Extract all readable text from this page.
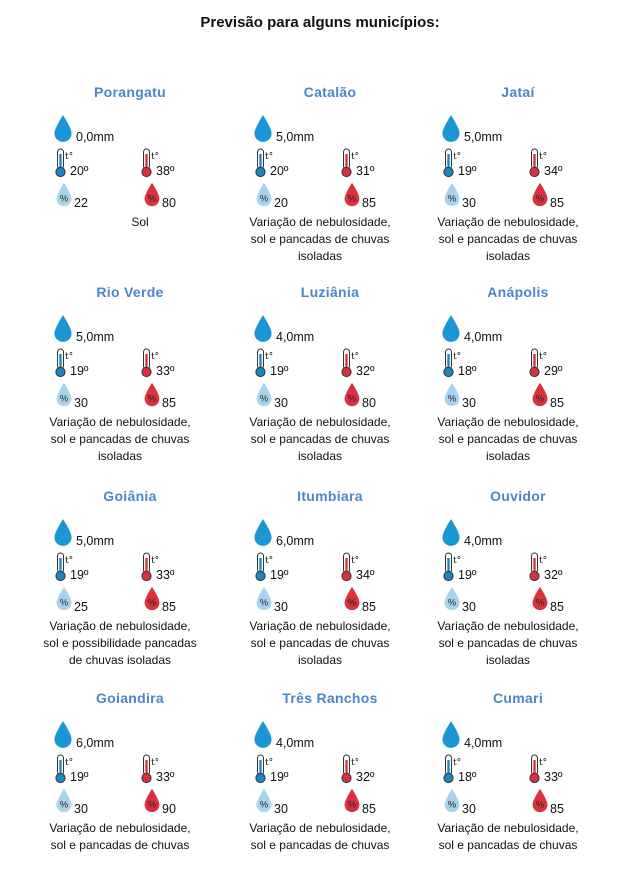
Previsão para alguns municípios:
Porangatu
0,0mm
t°
20º
t°
38º
% 22	% 80
Sol
Catalão
5,0mm
t°
20º
t°
31º
% 20	% 85
Variação de nebulosidade,
sol e pancadas de chuvas
isoladas
Jataí
5,0mm
t°
19º
t°
34º
% 30	% 85
Variação de nebulosidade,
sol e pancadas de chuvas
isoladas
Rio Verde
5,0mm
t°
19º
t°
33º
% 30	% 85
Variação de nebulosidade,
sol e pancadas de chuvas
isoladas
Luziânia
4,0mm
t°
19º
t°
32º
% 30	% 80
Variação de nebulosidade,
sol e pancadas de chuvas
isoladas
Anápolis
4,0mm
t°
18º
t°
29º
% 30	% 85
Variação de nebulosidade,
sol e pancadas de chuvas
isoladas
Goiânia
5,0mm
t°
19º
t°
33º
% 25	% 85
Variação de nebulosidade,
sol e possibilidade pancadas
de chuvas isoladas
Itumbiara
6,0mm
t°
19º
t°
34º
% 30	% 85
Variação de nebulosidade,
sol e pancadas de chuvas
isoladas
Ouvidor
4,0mm
t°
19º
t°
32º
% 30	% 85
Variação de nebulosidade,
sol e pancadas de chuvas
isoladas
Goiandira
6,0mm
t°
19º
t°
33º
% 30	% 90
Variação de nebulosidade,
sol e pancadas de chuvas
Três Ranchos
4,0mm
t°
19º
t°
32º
% 30	% 85
Variação de nebulosidade,
sol e pancadas de chuvas
Cumari
4,0mm
t°
18º
t°
33º
% 30	% 85
Variação de nebulosidade,
sol e pancadas de chuvas
